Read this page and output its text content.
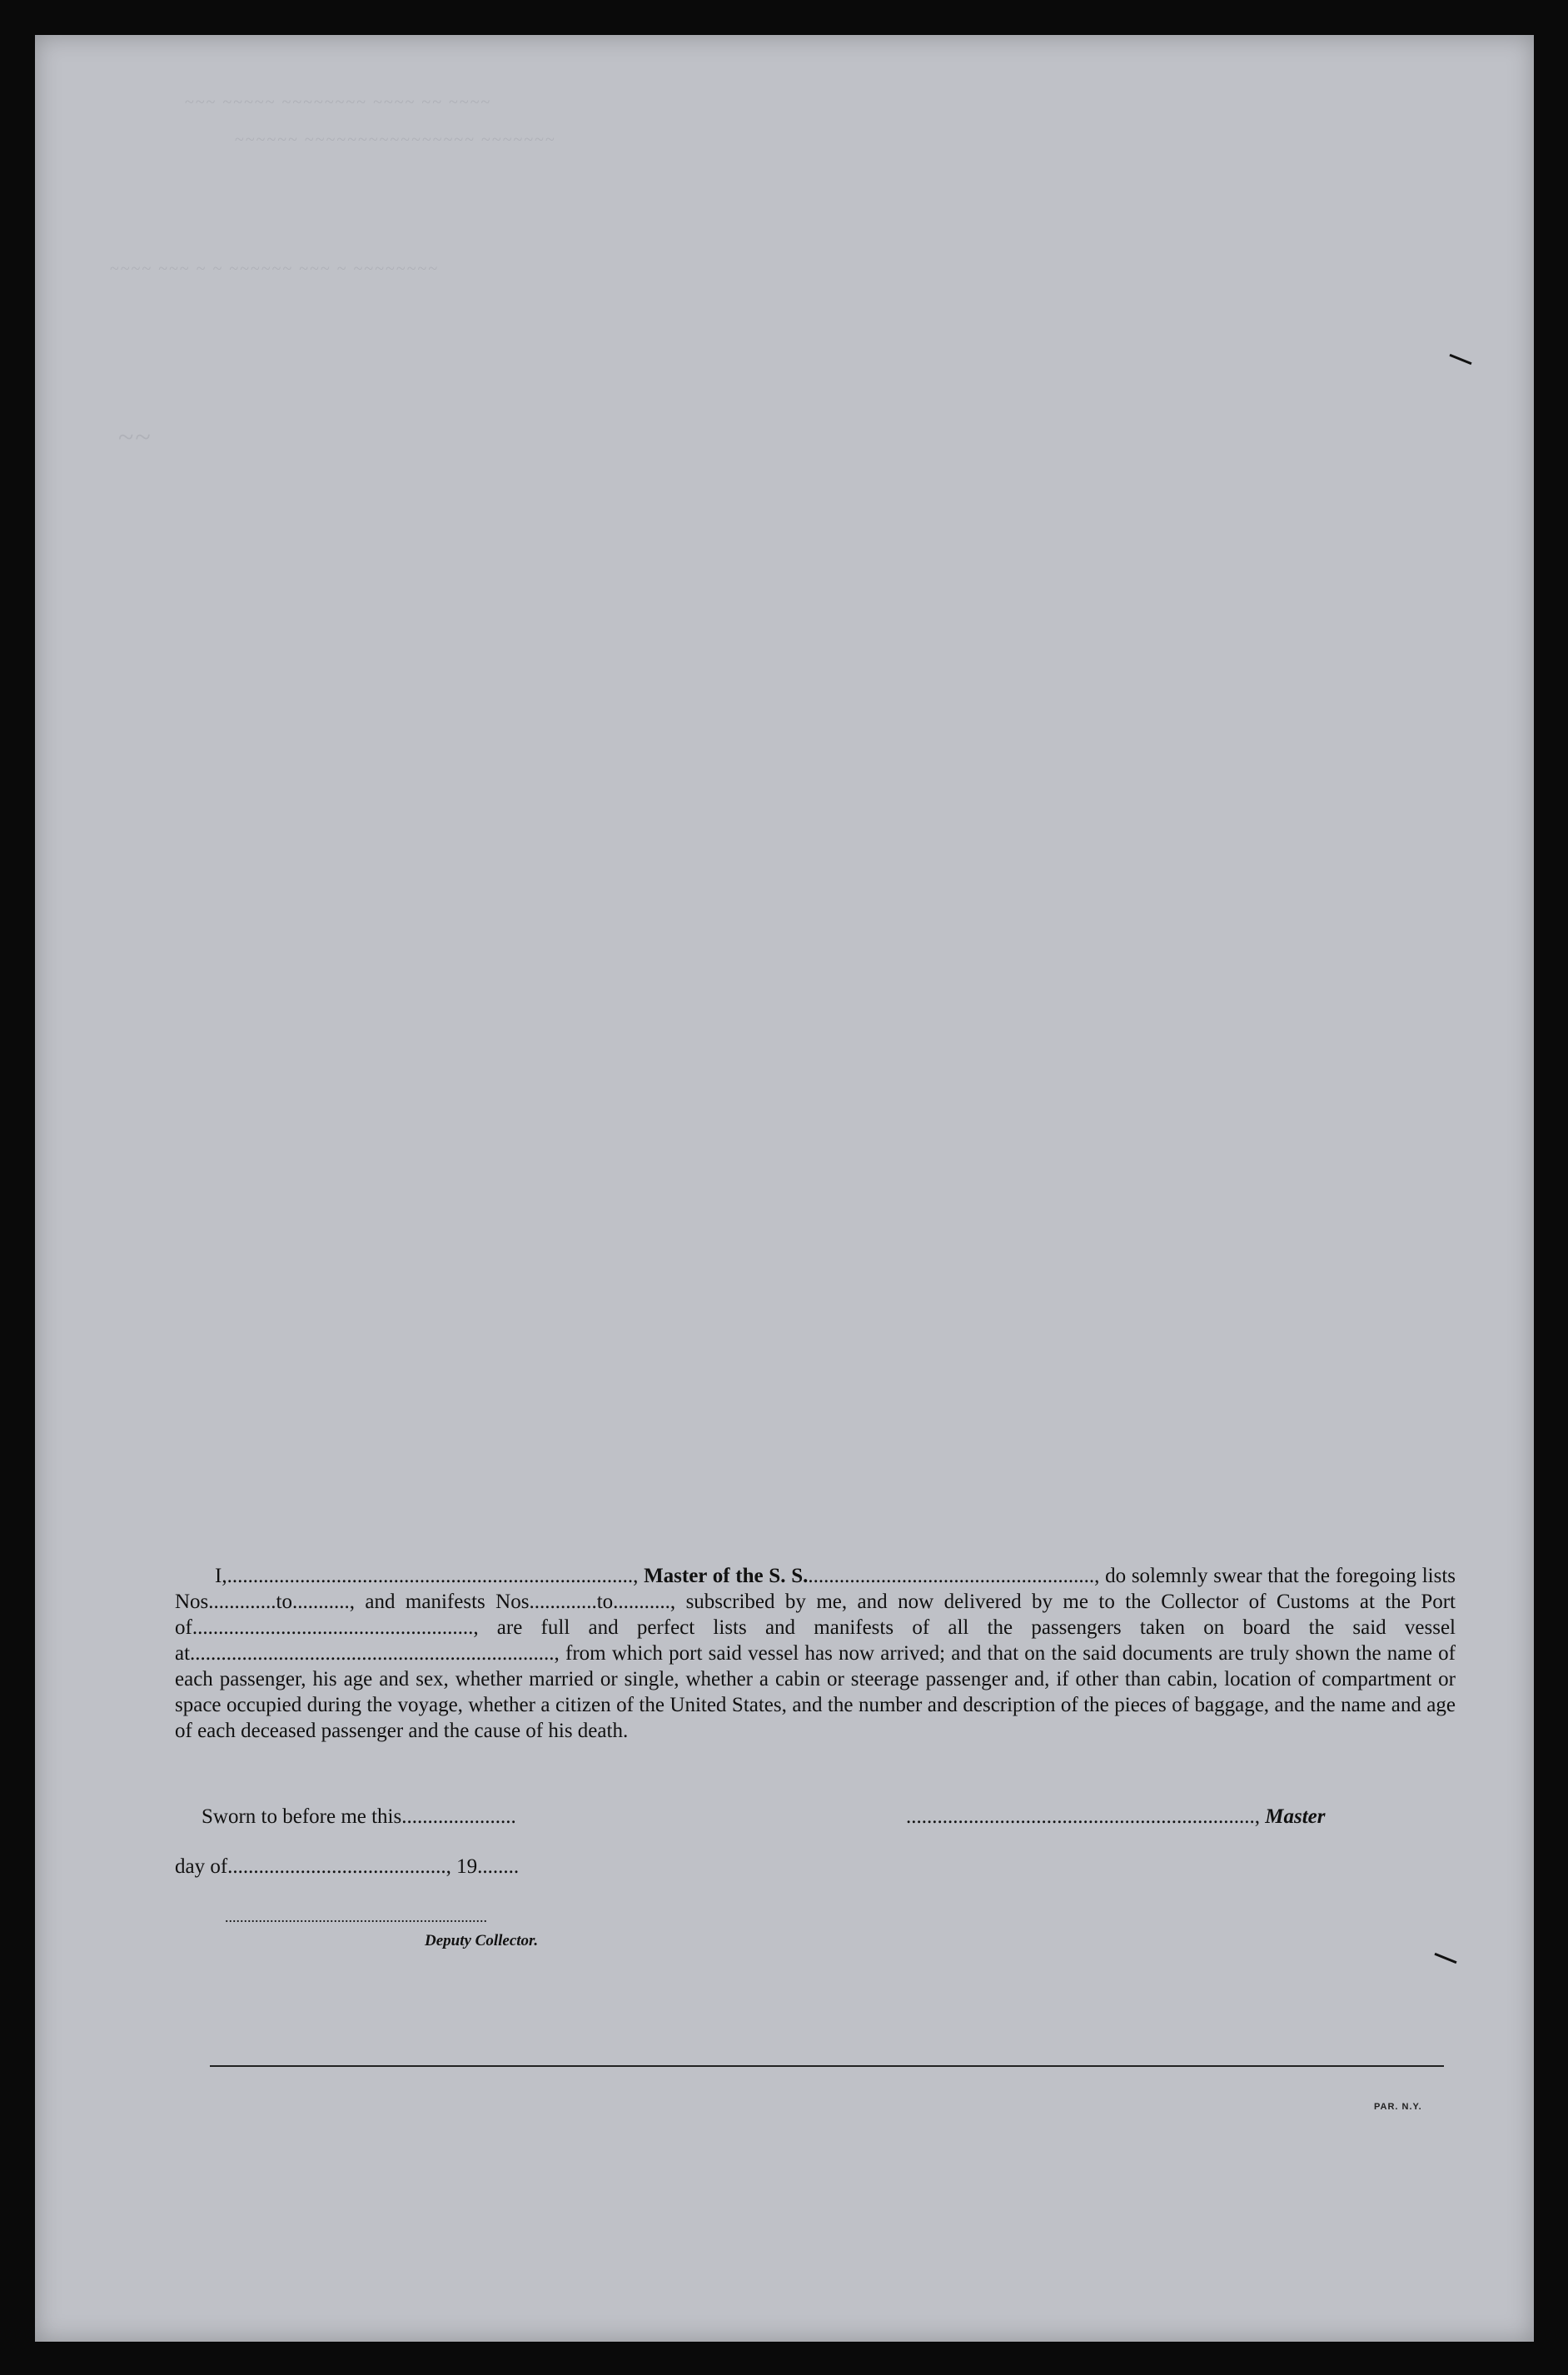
~~~ ~~~~~ ~~~~~~~~ ~~~~ ~~ ~~~~
~~~~~~ ~~~~~~~~~~~~~~~~ ~~~~~~~
~~~~ ~~~ ~ ~ ~~~~~~ ~~~ ~ ~~~~~~~~
~~

I,.............................................................................., Master of the S. S........................................................, do solemnly swear that the foregoing lists Nos.............to..........., and manifests Nos.............to..........., subscribed by me, and now delivered by me to the Collector of Customs at the Port of......................................................, are full and perfect lists and manifests of all the passengers taken on board the said vessel at......................................................................, from which port said vessel has now arrived; and that on the said documents are truly shown the name of each passenger, his age and sex, whether married or single, whether a cabin or steerage passenger and, if other than cabin, location of compartment or space occupied during the voyage, whether a citizen of the United States, and the number and description of the pieces of baggage, and the name and age of each deceased passenger and the cause of his death.

Sworn to before me this......................	..................................................................., Master
day of.........................................., 19........
......................................................................
Deputy Collector.
PAR. N.Y.
